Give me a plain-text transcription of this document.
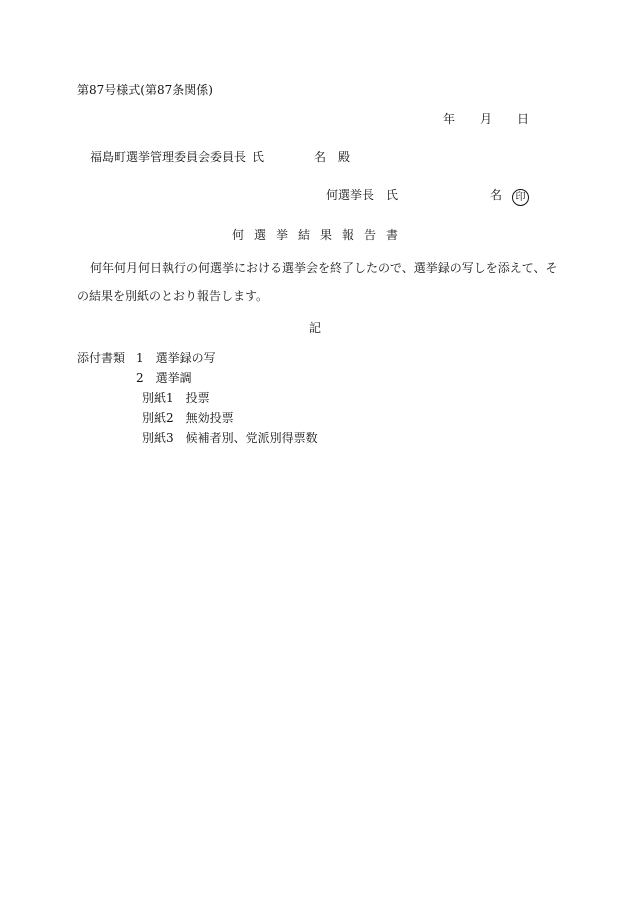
第87号様式(第87条関係)
年 月 日
福島町選挙管理委員会委員長 氏	名 殿
何選挙長　氏	名	印
何選挙結果報告書
何年何月何日執行の何選挙における選挙会を終了したので、選挙録の写しを添えて、そ
の結果を別紙のとおり報告します。
記
添付書類 1　選挙録の写
2　選挙調
別紙1　投票
別紙2　無効投票
別紙3　候補者別、党派別得票数
